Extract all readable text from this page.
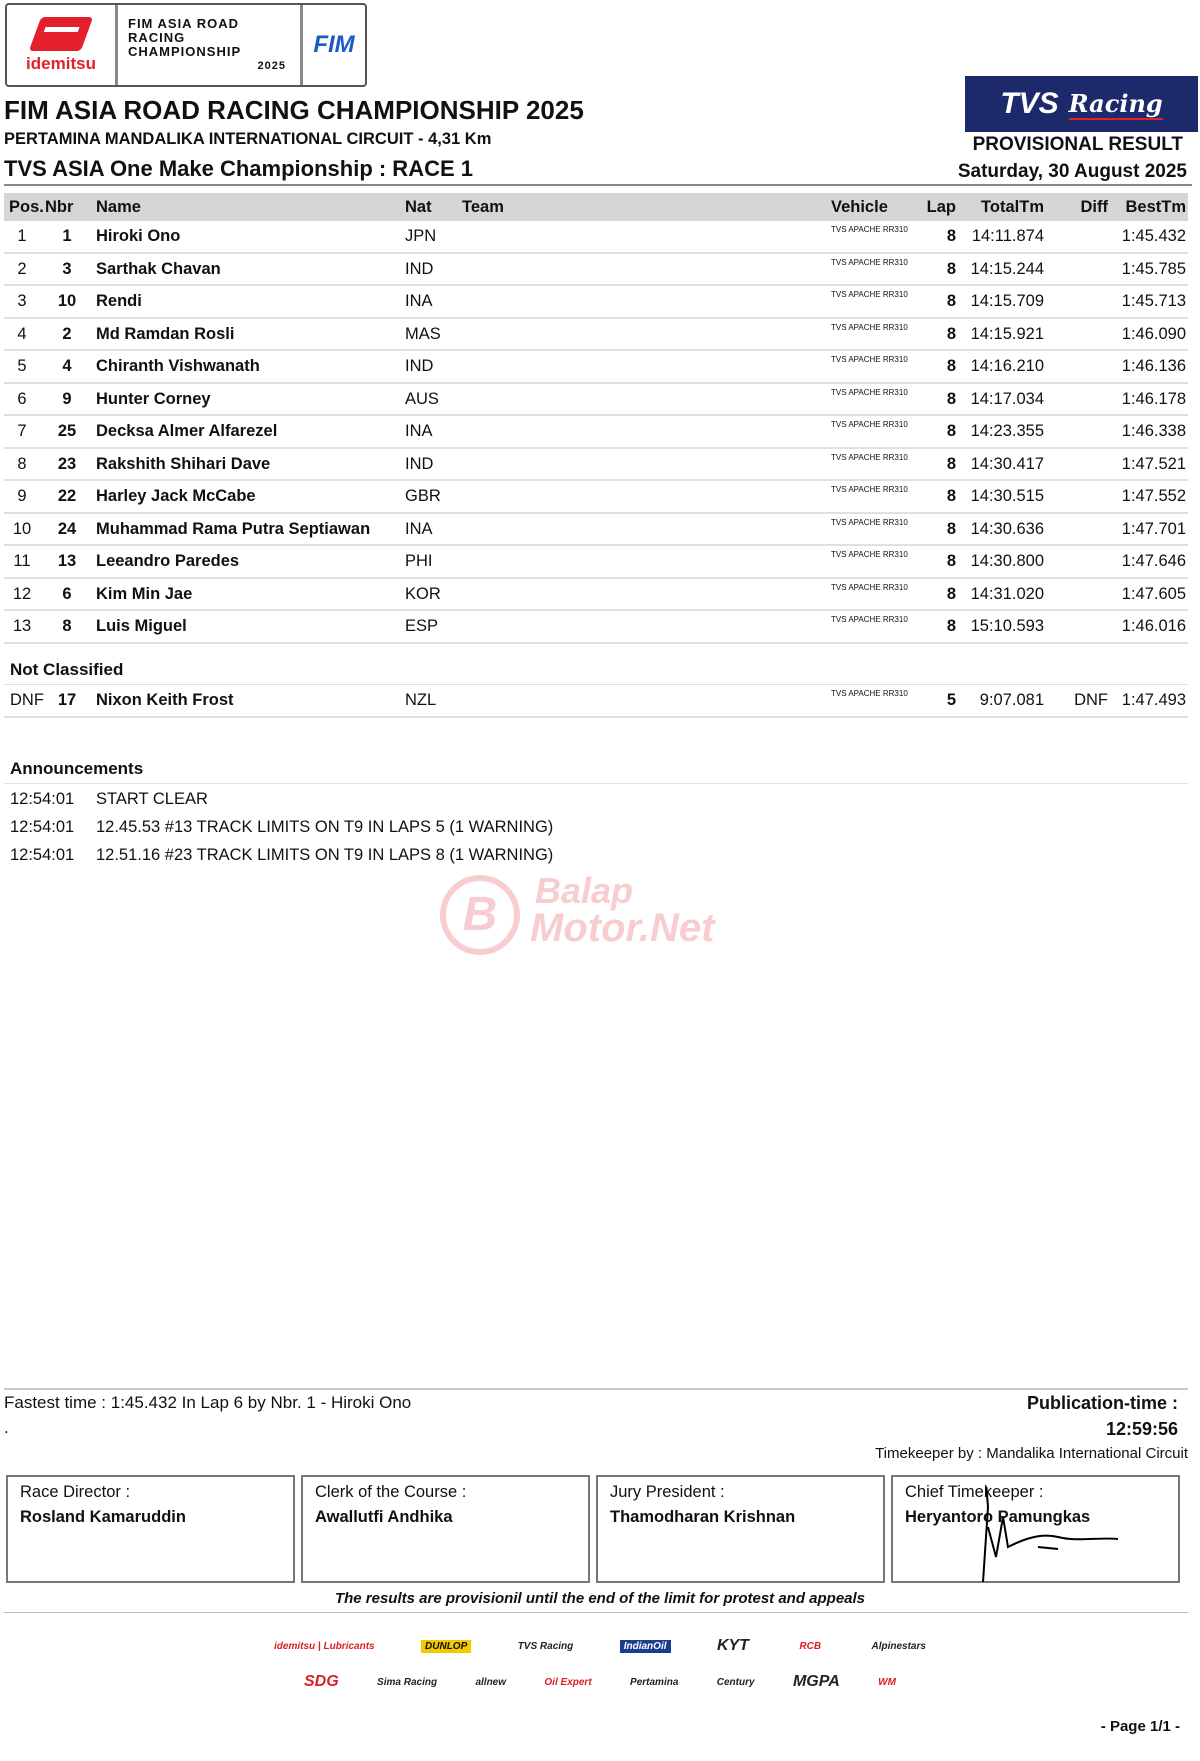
idemitsu
FIM ASIA ROAD RACING CHAMPIONSHIP
2025
FIM
FIM ASIA ROAD RACING CHAMPIONSHIP 2025
PERTAMINA MANDALIKA INTERNATIONAL CIRCUIT - 4,31 Km
TVS ASIA One Make Championship : RACE 1
TVS Racing
PROVISIONAL RESULT
Saturday, 30 August 2025
Pos. Nbr Name	Nat Team	Vehicle	Lap	TotalTm	Diff	BestTm
1	1	Hiroki Ono	JPN	TVS APACHE RR310	8 14:11.874	1:45.432
2	3	Sarthak Chavan	IND	TVS APACHE RR310	8 14:15.244	1:45.785
3	10	Rendi	INA	TVS APACHE RR310	8 14:15.709	1:45.713
4	2	Md Ramdan Rosli	MAS	TVS APACHE RR310	8 14:15.921	1:46.090
5	4	Chiranth Vishwanath	IND	TVS APACHE RR310	8 14:16.210	1:46.136
6	9	Hunter Corney	AUS	TVS APACHE RR310	8 14:17.034	1:46.178
7	25	Decksa Almer Alfarezel	INA	TVS APACHE RR310	8 14:23.355	1:46.338
8	23	Rakshith Shihari Dave	IND	TVS APACHE RR310	8 14:30.417	1:47.521
9	22	Harley Jack McCabe	GBR	TVS APACHE RR310	8 14:30.515	1:47.552
10	24	Muhammad Rama Putra Septiawan INA	TVS APACHE RR310	8 14:30.636	1:47.701
11	13	Leeandro Paredes	PHI	TVS APACHE RR310	8 14:30.800	1:47.646
12	6	Kim Min Jae	KOR	TVS APACHE RR310	8 14:31.020	1:47.605
13	8	Luis Miguel	ESP	TVS APACHE RR310	8 15:10.593	1:46.016
Not Classified
DNF 17	Nixon Keith Frost	NZL	TVS APACHE RR310	5	9:07.081	DNF 1:47.493
Announcements
12:54:01 START CLEAR
12:54:01 12.45.53 #13 TRACK LIMITS ON T9 IN LAPS 5 (1 WARNING)
12:54:01 12.51.16 #23 TRACK LIMITS ON T9 IN LAPS 8 (1 WARNING)
B	Balap
Motor.Net
Fastest time : 1:45.432 In Lap 6 by Nbr. 1 - Hiroki Ono
.
Publication-time :
12:59:56
Timekeeper by : Mandalika International Circuit
Race Director :
Rosland Kamaruddin
Clerk of the Course :
Awallutfi Andhika
Jury President :
Thamodharan Krishnan
Chief Timekeeper :
Heryantoro Pamungkas
The results are provisionil until the end of the limit for protest and appeals
idemitsu | Lubricants	DUNLOP	TVS Racing	IndianOil	KYT	RCB	Alpinestars
SDG	Sima Racing	allnew	Oil Expert	Pertamina	Century MGPA	WM
- Page 1/1 -
